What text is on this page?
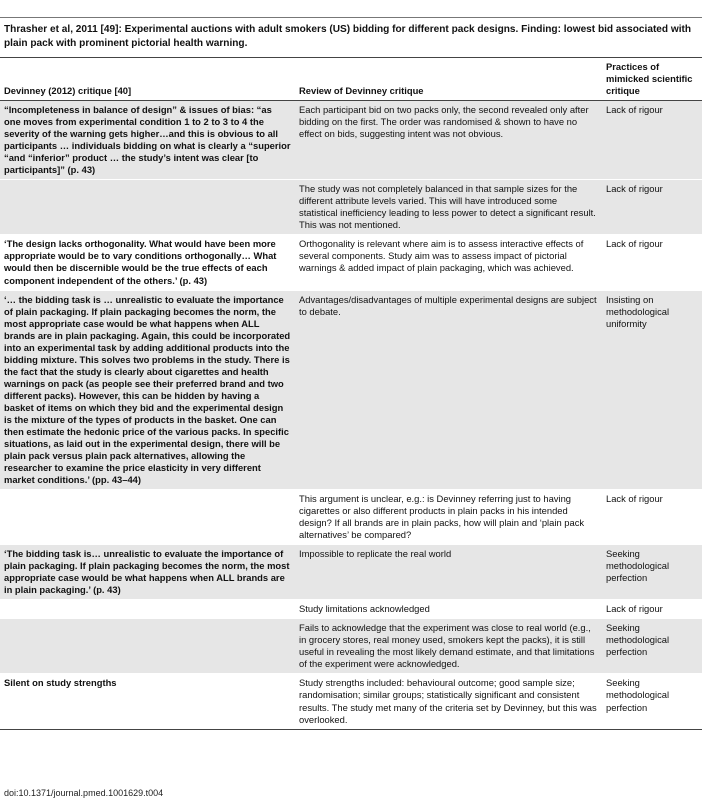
Thrasher et al, 2011 [49]: Experimental auctions with adult smokers (US) bidding for different pack designs. Finding: lowest bid associated with plain pack with prominent pictorial health warning.
Devinney (2012) critique [40]	Review of Devinney critique	Practices of mimicked scientific critique
“Incompleteness in balance of design” & issues of bias: “as one moves from experimental condition 1 to 2 to 3 to 4 the severity of the warning gets higher…and this is obvious to all participants … individuals bidding on what is clearly a “superior “and “inferior” product … the study’s intent was clear [to participants]” (p. 43)	Each participant bid on two packs only, the second revealed only after bidding on the first. The order was randomised & shown to have no effect on bids, suggesting intent was not obvious.	Lack of rigour
	The study was not completely balanced in that sample sizes for the different attribute levels varied. This will have introduced some statistical inefficiency leading to less power to detect a significant result. This was not mentioned.	Lack of rigour
‘The design lacks orthogonality. What would have been more appropriate would be to vary conditions orthogonally… What would then be discernible would be the true effects of each component independent of the others.’ (p. 43)	Orthogonality is relevant where aim is to assess interactive effects of several components. Study aim was to assess impact of pictorial warnings & added impact of plain packaging, which was achieved.	Lack of rigour
‘… the bidding task is … unrealistic to evaluate the importance of plain packaging. If plain packaging becomes the norm, the most appropriate case would be what happens when ALL brands are in plain packaging. Again, this could be incorporated into an experimental task by adding additional products into the bidding mixture. This solves two problems in the study. There is the fact that the study is clearly about cigarettes and health warnings on pack (as people see their preferred brand and two different packs). However, this can be hidden by having a basket of items on which they bid and the experimental design is the mixture of the types of products in the basket. One can then estimate the hedonic price of the various packs. In specific situations, as laid out in the experimental design, there will be plain pack versus plain pack alternatives, allowing the researcher to examine the price elasticity in very different market conditions.’ (pp. 43–44)	Advantages/disadvantages of multiple experimental designs are subject to debate.	Insisting on methodological uniformity
	This argument is unclear, e.g.: is Devinney referring just to having cigarettes or also different products in plain packs in his intended design? If all brands are in plain packs, how will plain and ‘plain pack alternatives’ be compared?	Lack of rigour
‘The bidding task is… unrealistic to evaluate the importance of plain packaging. If plain packaging becomes the norm, the most appropriate case would be what happens when ALL brands are in plain packaging.’ (p. 43)	Impossible to replicate the real world	Seeking methodological perfection
	Study limitations acknowledged	Lack of rigour
	Fails to acknowledge that the experiment was close to real world (e.g., in grocery stores, real money used, smokers kept the packs), it is still useful in revealing the most likely demand estimate, and that limitations of the experiment were acknowledged.	Seeking methodological perfection
Silent on study strengths	Study strengths included: behavioural outcome; good sample size; randomisation; similar groups; statistically significant and consistent results. The study met many of the criteria set by Devinney, but this was overlooked.	Seeking methodological perfection
doi:10.1371/journal.pmed.1001629.t004
